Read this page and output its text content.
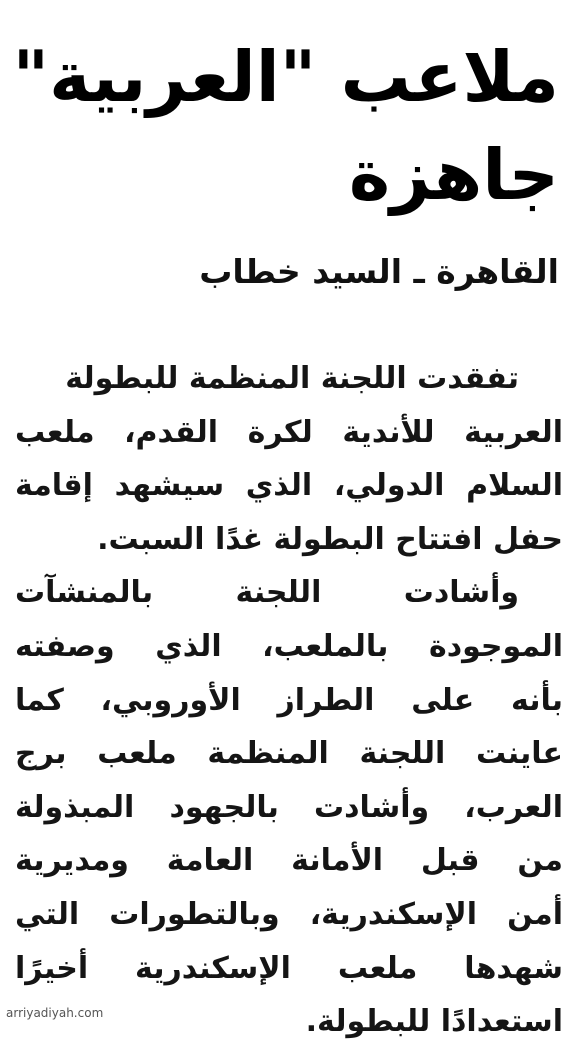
ملاعب "العربية"
جاهزة
القاهرة ـ السيد خطاب
تفقدت اللجنة المنظمة للبطولة
العربية للأندية لكرة القدم، ملعب
السلام الدولي، الذي سيشهد إقامة
حفل افتتاح البطولة غدًا السبت.
وأشادت اللجنة بالمنشآت
الموجودة بالملعب، الذي وصفته
بأنه على الطراز الأوروبي، كما
عاينت اللجنة المنظمة ملعب برج
العرب، وأشادت بالجهود المبذولة
من قبل الأمانة العامة ومديرية
أمن الإسكندرية، وبالتطورات التي
شهدها ملعب الإسكندرية أخيرًا
استعدادًا للبطولة.
arriyadiyah.com
